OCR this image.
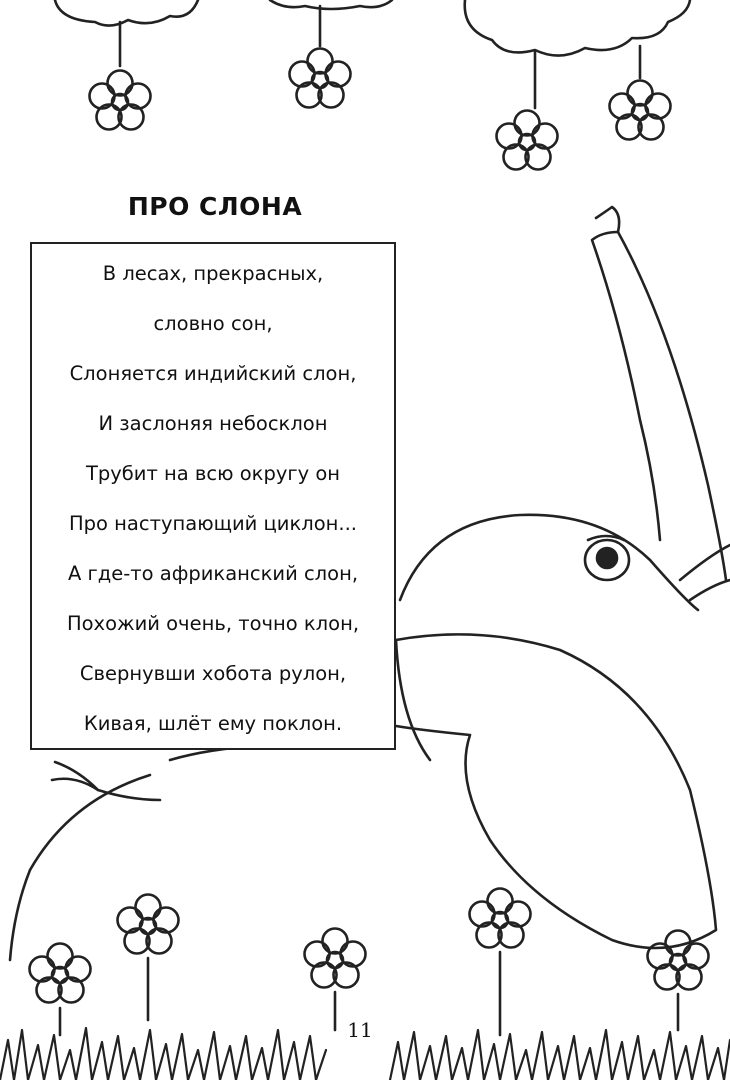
ПРО СЛОНА
В лесах, прекрасных,
словно сон,
Слоняется индийский слон,
И заслоняя небосклон
Трубит на всю округу он
Про наступающий циклон...
А где-то африканский слон,
Похожий очень, точно клон,
Свернувши хобота рулон,
Кивая, шлёт ему поклон.
11
